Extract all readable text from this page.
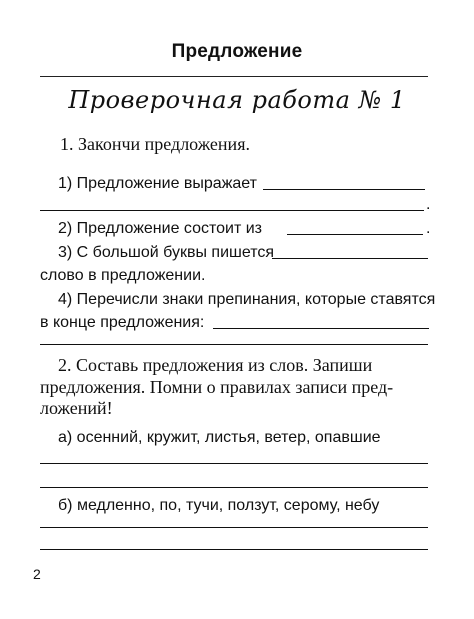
Предложение
Проверочная работа № 1
1. Закончи предложения.
1) Предложение выражает
.
2) Предложение состоит из	.
3) С большой буквы пишется
слово в предложении.
4) Перечисли знаки препинания, которые ставятся
в конце предложения:
2. Составь предложения из слов. Запиши
предложения. Помни о правилах записи пред-
ложений!
а) осенний, кружит, листья, ветер, опавшие
б) медленно, по, тучи, ползут, серому, небу
2
